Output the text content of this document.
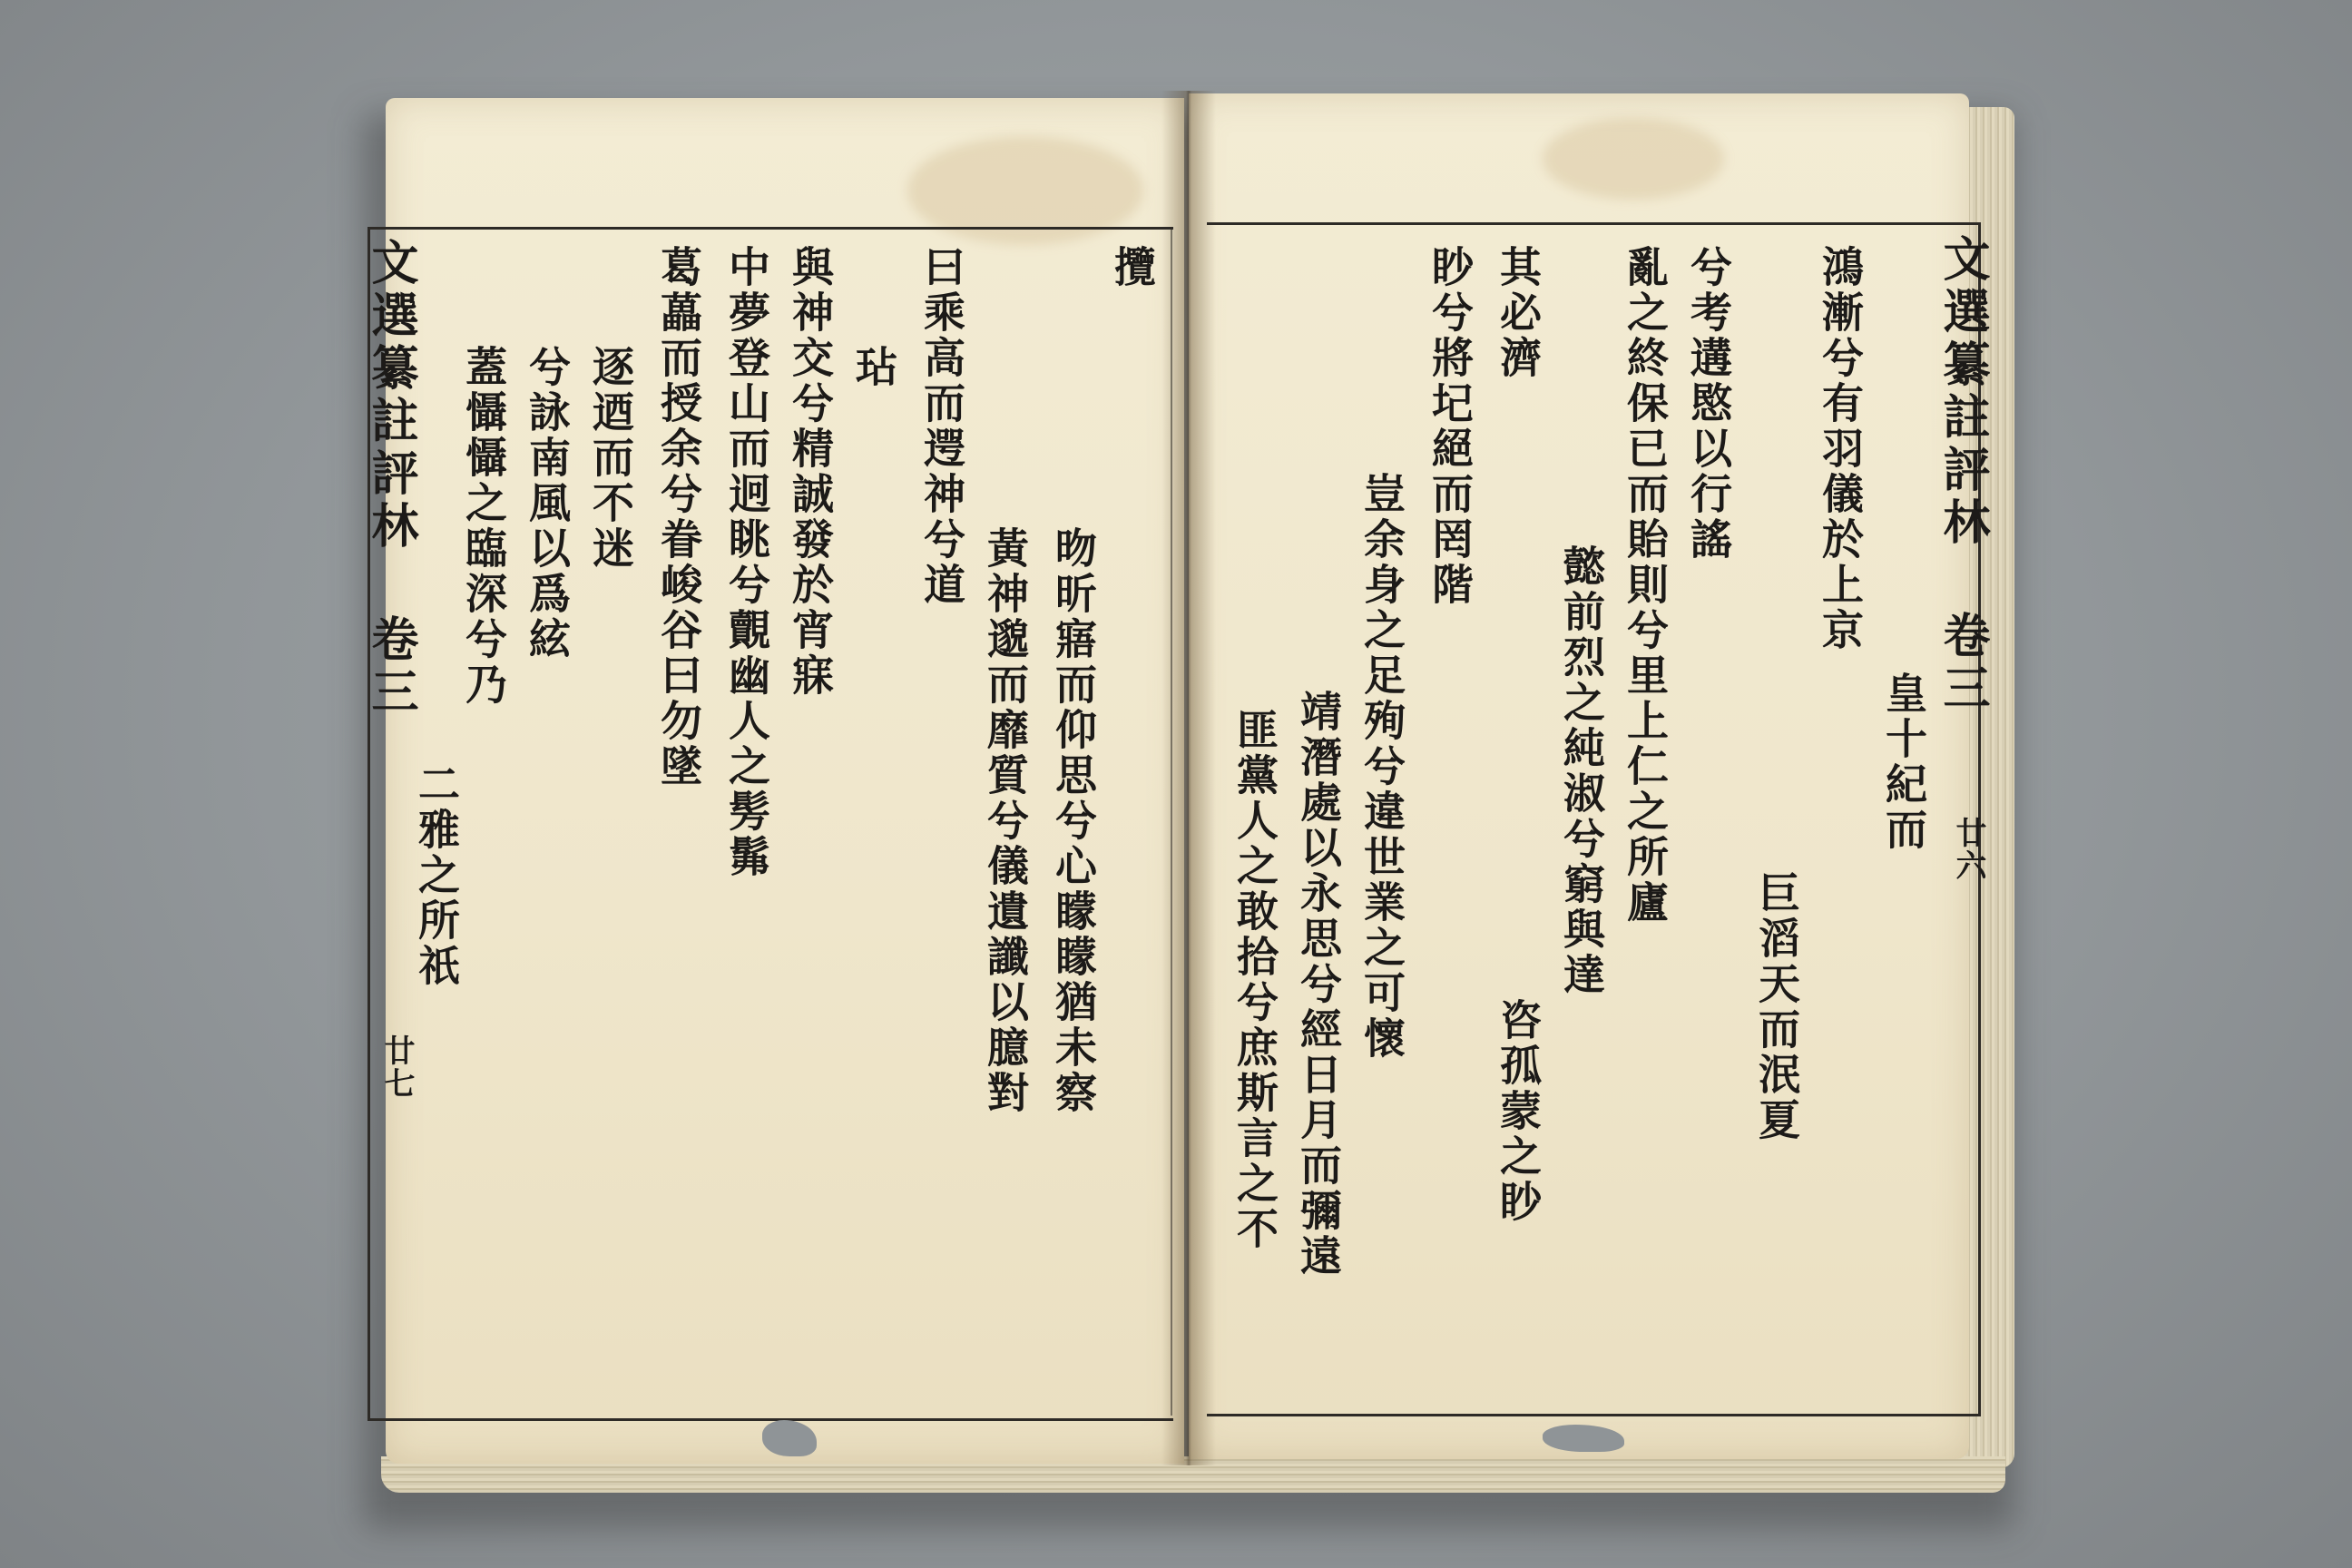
文選纂註評林 卷三
廿七
攬
昒昕寤而仰思兮心矇矇猶未察
黃神邈而靡質兮儀遺讖以臆對
曰乘高而遌神兮道
玷
與神交兮精誠發於宵寐
中夢登山而迥眺兮覿幽人之髣髴
葛藟而授余兮眷峻谷曰勿墜
逐迺而不迷
兮詠南風以爲絃
蓋懾懾之臨深兮乃
二雅之所祇
文選纂註評林 卷三
廿六
皇十紀而
鴻漸兮有羽儀於上京
巨滔天而泯夏
兮考遘愍以行謠
亂之終保已而貽則兮里上仁之所廬
懿前烈之純淑兮窮與達
其必濟
咨孤蒙之眇
眇兮將圮絕而罔階
豈余身之足殉兮違世業之可懷
靖潛處以永思兮經日月而彌遠
匪黨人之敢拾兮庶斯言之不
